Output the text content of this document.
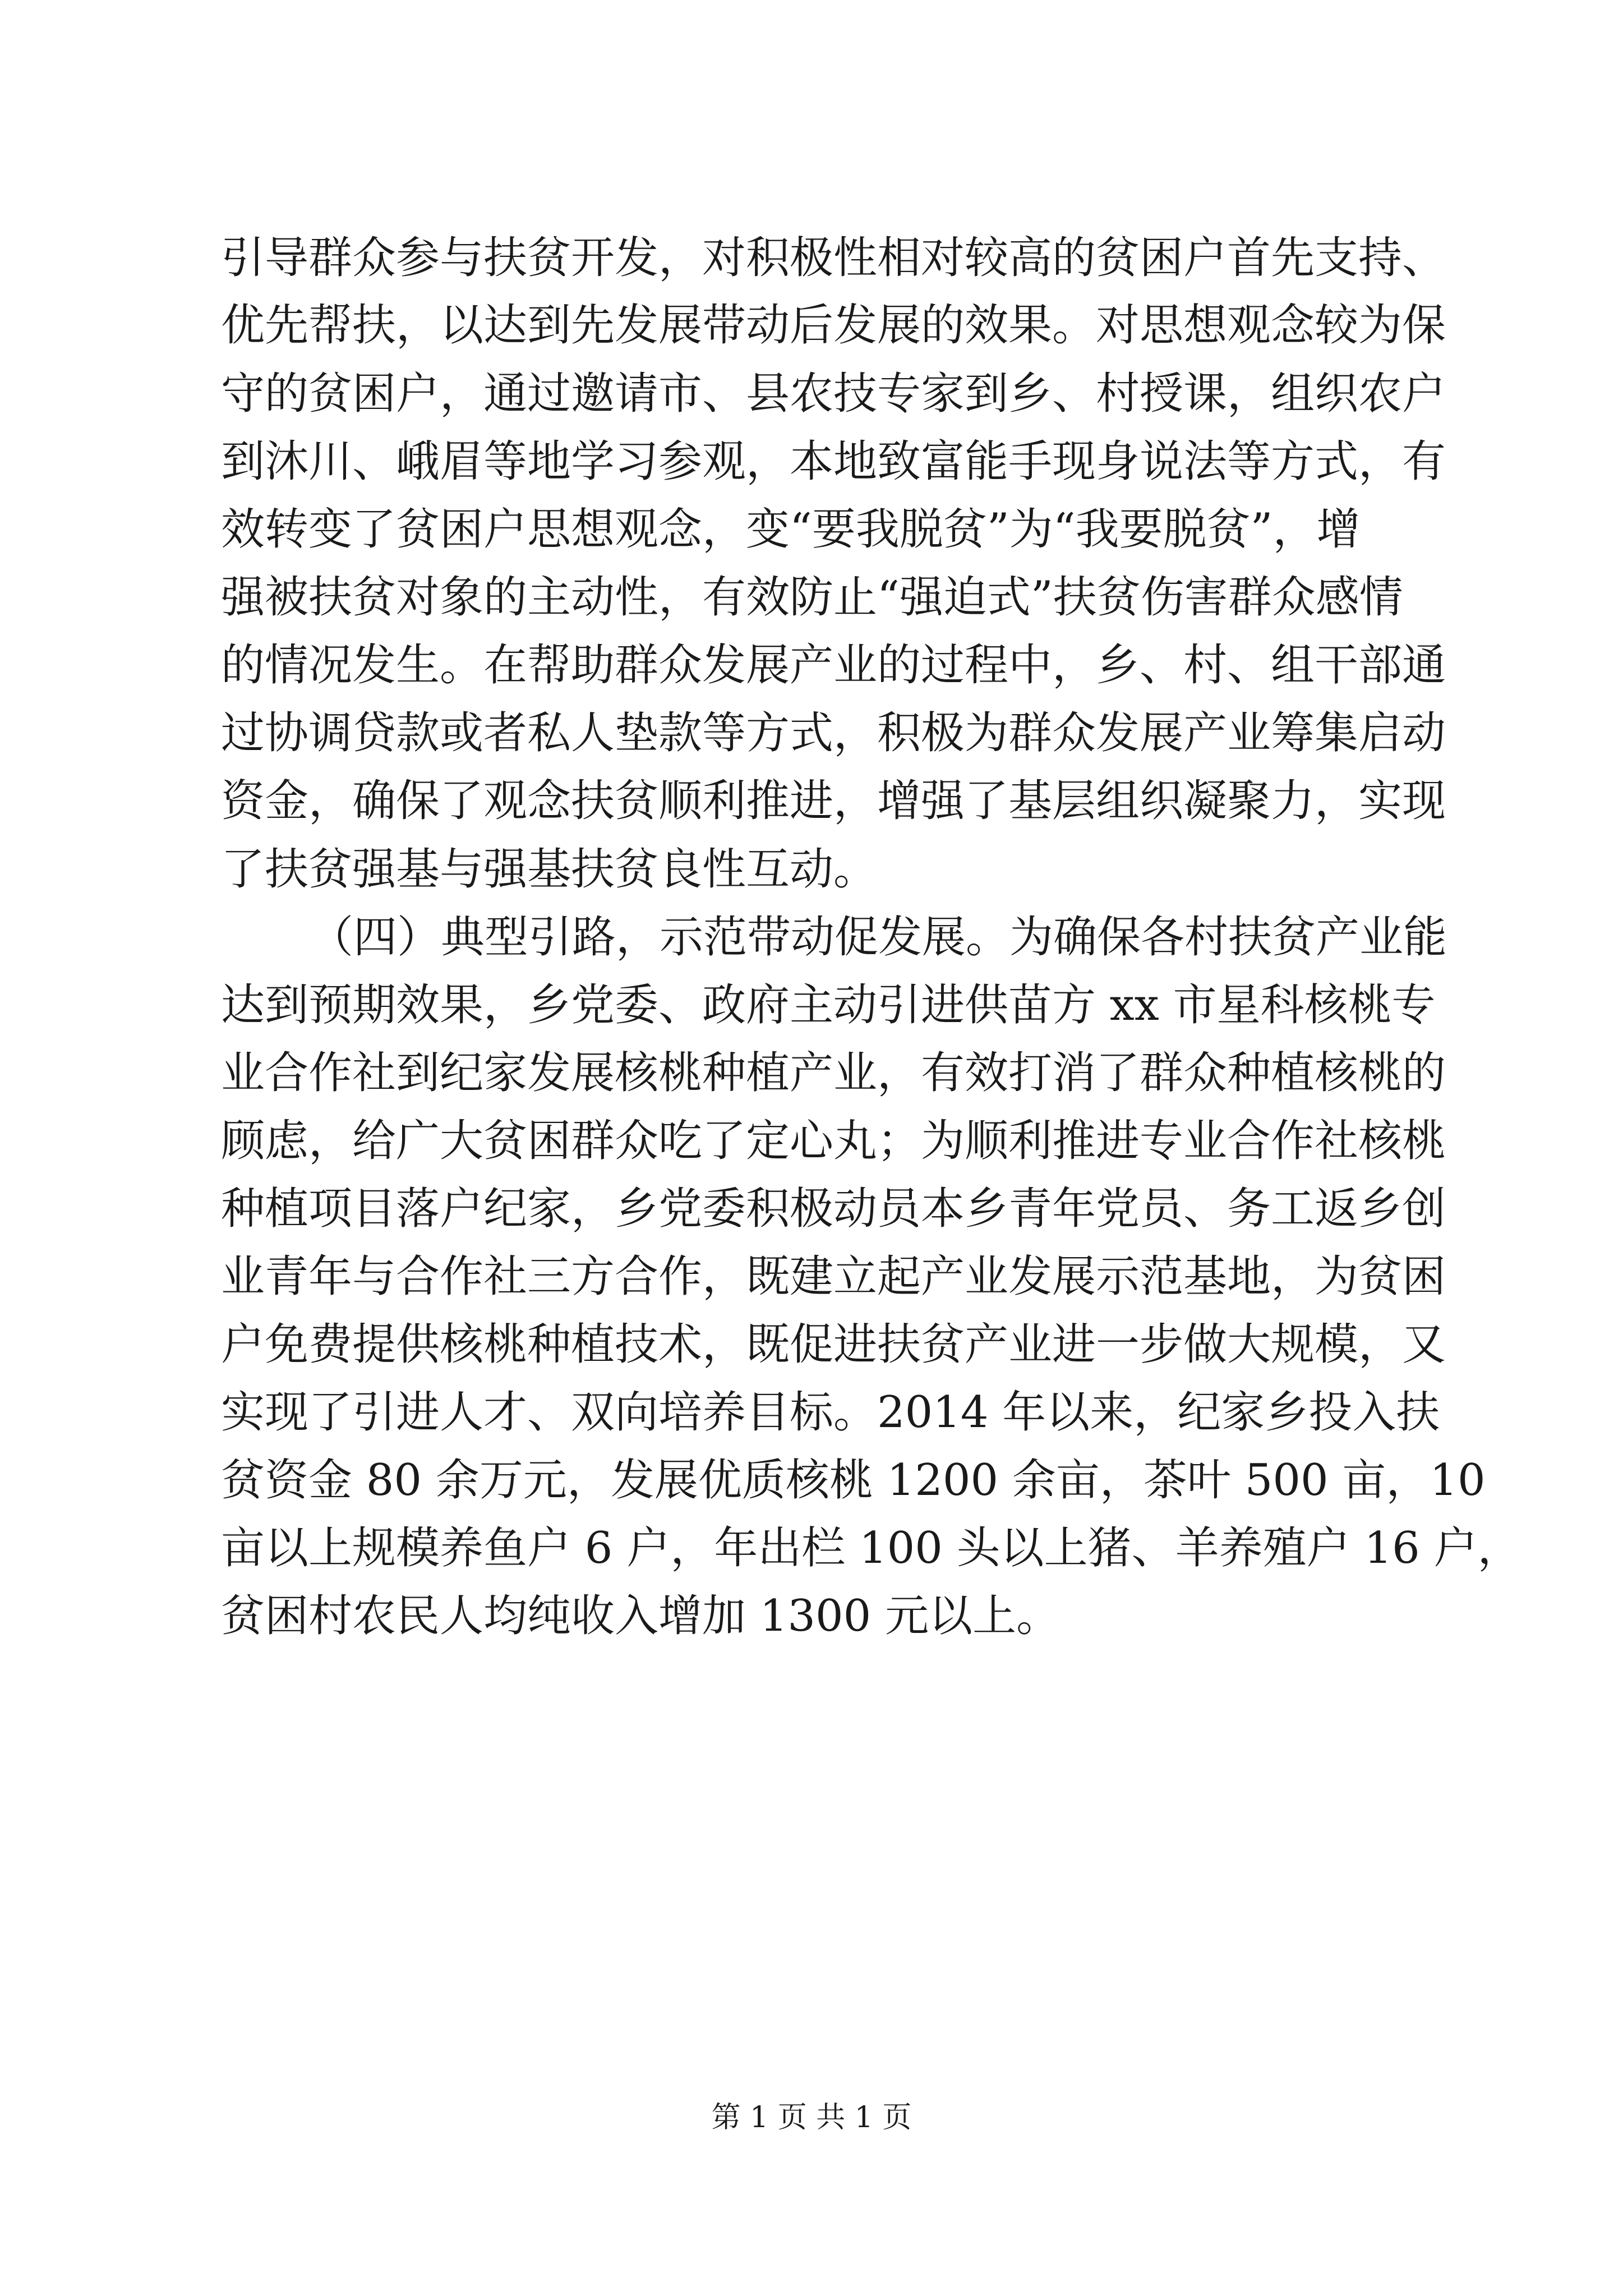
引导群众参与扶贫开发，对积极性相对较高的贫困户首先支持、
优先帮扶，以达到先发展带动后发展的效果。对思想观念较为保
守的贫困户，通过邀请市、县农技专家到乡、村授课，组织农户
到沐川、峨眉等地学习参观，本地致富能手现身说法等方式，有
效转变了贫困户思想观念，变“要我脱贫”为“我要脱贫”，增
强被扶贫对象的主动性，有效防止“强迫式”扶贫伤害群众感情
的情况发生。在帮助群众发展产业的过程中，乡、村、组干部通
过协调贷款或者私人垫款等方式，积极为群众发展产业筹集启动
资金，确保了观念扶贫顺利推进，增强了基层组织凝聚力，实现
了扶贫强基与强基扶贫良性互动。
（四）典型引路，示范带动促发展。为确保各村扶贫产业能
达到预期效果，乡党委、政府主动引进供苗方 xx 市星科核桃专
业合作社到纪家发展核桃种植产业，有效打消了群众种植核桃的
顾虑，给广大贫困群众吃了定心丸；为顺利推进专业合作社核桃
种植项目落户纪家，乡党委积极动员本乡青年党员、务工返乡创
业青年与合作社三方合作，既建立起产业发展示范基地，为贫困
户免费提供核桃种植技术，既促进扶贫产业进一步做大规模，又
实现了引进人才、双向培养目标。2014 年以来，纪家乡投入扶
贫资金 80 余万元，发展优质核桃 1200 余亩，茶叶 500 亩，10
亩以上规模养鱼户 6 户，年出栏 100 头以上猪、羊养殖户 16 户，
贫困村农民人均纯收入增加 1300 元以上。
第 1 页 共 1 页
